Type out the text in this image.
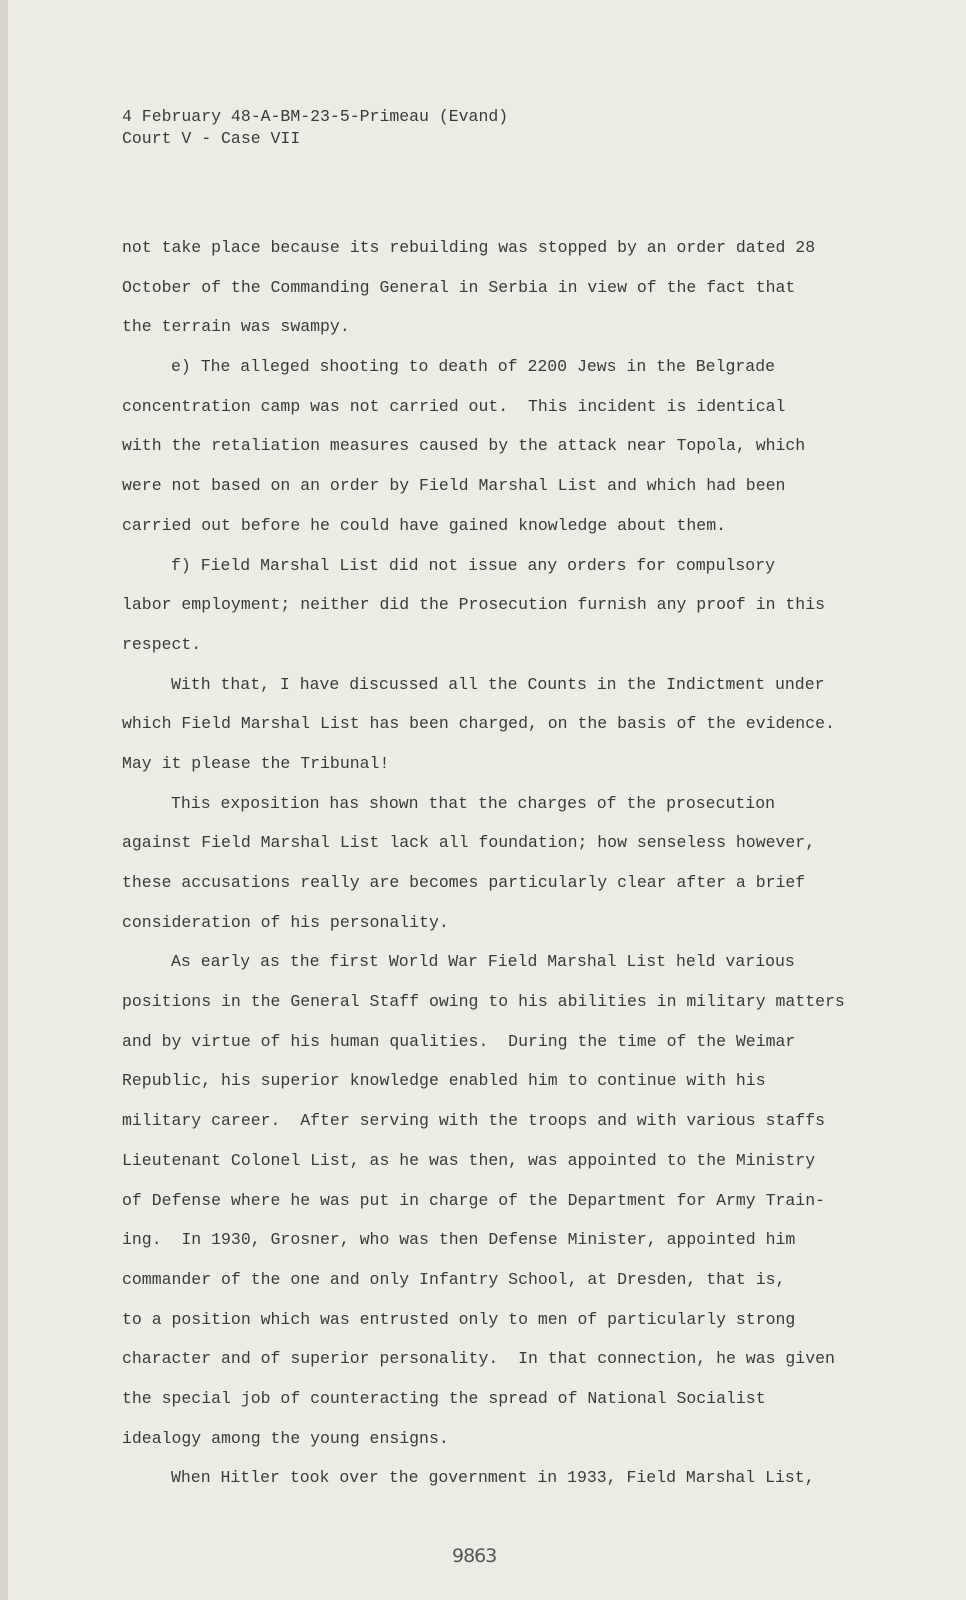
4 February 48-A-BM-23-5-Primeau (Evand)
Court V - Case VII
not take place because its rebuilding was stopped by an order dated 28
October of the Commanding General in Serbia in view of the fact that
the terrain was swampy.
e) The alleged shooting to death of 2200 Jews in the Belgrade
concentration camp was not carried out.  This incident is identical
with the retaliation measures caused by the attack near Topola, which
were not based on an order by Field Marshal List and which had been
carried out before he could have gained knowledge about them.
f) Field Marshal List did not issue any orders for compulsory
labor employment; neither did the Prosecution furnish any proof in this
respect.
With that, I have discussed all the Counts in the Indictment under
which Field Marshal List has been charged, on the basis of the evidence.
May it please the Tribunal!
This exposition has shown that the charges of the prosecution
against Field Marshal List lack all foundation; how senseless however,
these accusations really are becomes particularly clear after a brief
consideration of his personality.
As early as the first World War Field Marshal List held various
positions in the General Staff owing to his abilities in military matters
and by virtue of his human qualities.  During the time of the Weimar
Republic, his superior knowledge enabled him to continue with his
military career.  After serving with the troops and with various staffs
Lieutenant Colonel List, as he was then, was appointed to the Ministry
of Defense where he was put in charge of the Department for Army Train-
ing.  In 1930, Grosner, who was then Defense Minister, appointed him
commander of the one and only Infantry School, at Dresden, that is,
to a position which was entrusted only to men of particularly strong
character and of superior personality.  In that connection, he was given
the special job of counteracting the spread of National Socialist
idealogy among the young ensigns.
When Hitler took over the government in 1933, Field Marshal List,
9863
